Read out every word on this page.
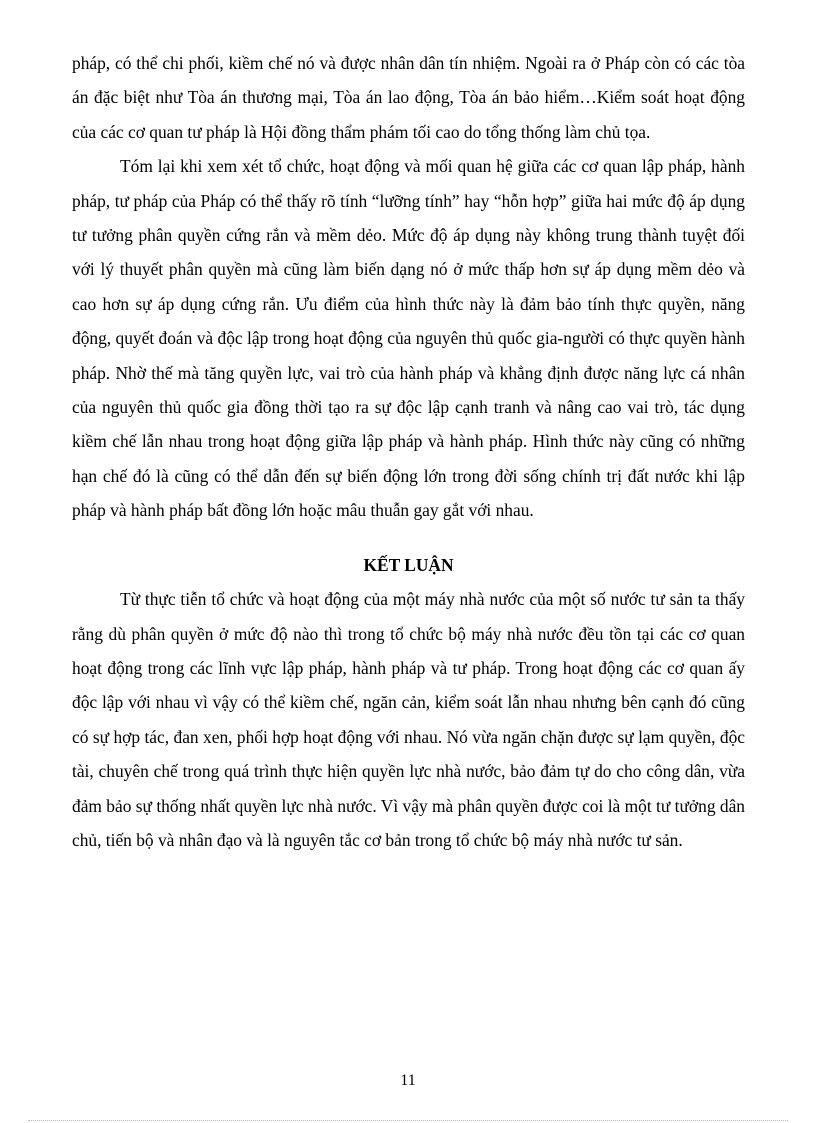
pháp, có thể chi phối, kiềm chế nó và được nhân dân tín nhiệm. Ngoài ra ở Pháp còn có các tòa án đặc biệt như Tòa án thương mại, Tòa án lao động, Tòa án bảo hiểm…Kiểm soát hoạt động của các cơ quan tư pháp là Hội đồng thẩm phám tối cao do tổng thống làm chủ tọa.

Tóm lại khi xem xét tổ chức, hoạt động và mối quan hệ giữa các cơ quan lập pháp, hành pháp, tư pháp của Pháp có thể thấy rõ tính “lưỡng tính” hay “hỗn hợp” giữa hai mức độ áp dụng tư tưởng phân quyền cứng rắn và mềm dẻo. Mức độ áp dụng này không trung thành tuyệt đối với lý thuyết phân quyền mà cũng làm biến dạng nó ở mức thấp hơn sự áp dụng mềm dẻo và cao hơn sự áp dụng cứng rắn. Ưu điểm của hình thức này là đảm bảo tính thực quyền, năng động, quyết đoán và độc lập trong hoạt động của nguyên thủ quốc gia-người có thực quyền hành pháp. Nhờ thế mà tăng quyền lực, vai trò của hành pháp và khẳng định được năng lực cá nhân của nguyên thủ quốc gia đồng thời tạo ra sự độc lập cạnh tranh và nâng cao vai trò, tác dụng kiềm chế lẫn nhau trong hoạt động giữa lập pháp và hành pháp. Hình thức này cũng có những hạn chế đó là cũng có thể dẫn đến sự biến động lớn trong đời sống chính trị đất nước khi lập pháp và hành pháp bất đồng lớn hoặc mâu thuẫn gay gắt với nhau.

KẾT LUẬN

Từ thực tiễn tổ chức và hoạt động của một máy nhà nước của một số nước tư sản ta thấy rằng dù phân quyền ở mức độ nào thì trong tổ chức bộ máy nhà nước đều tồn tại các cơ quan hoạt động trong các lĩnh vực lập pháp, hành pháp và tư pháp. Trong hoạt động các cơ quan ấy độc lập với nhau vì vậy có thể kiềm chế, ngăn cản, kiểm soát lẫn nhau nhưng bên cạnh đó cũng có sự hợp tác, đan xen, phối hợp hoạt động với nhau. Nó vừa ngăn chặn được sự lạm quyền, độc tài, chuyên chế trong quá trình thực hiện quyền lực nhà nước, bảo đảm tự do cho công dân, vừa đảm bảo sự thống nhất quyền lực nhà nước. Vì vậy mà phân quyền được coi là một tư tưởng dân chủ, tiến bộ và nhân đạo và là nguyên tắc cơ bản trong tổ chức bộ máy nhà nước tư sản.

11
